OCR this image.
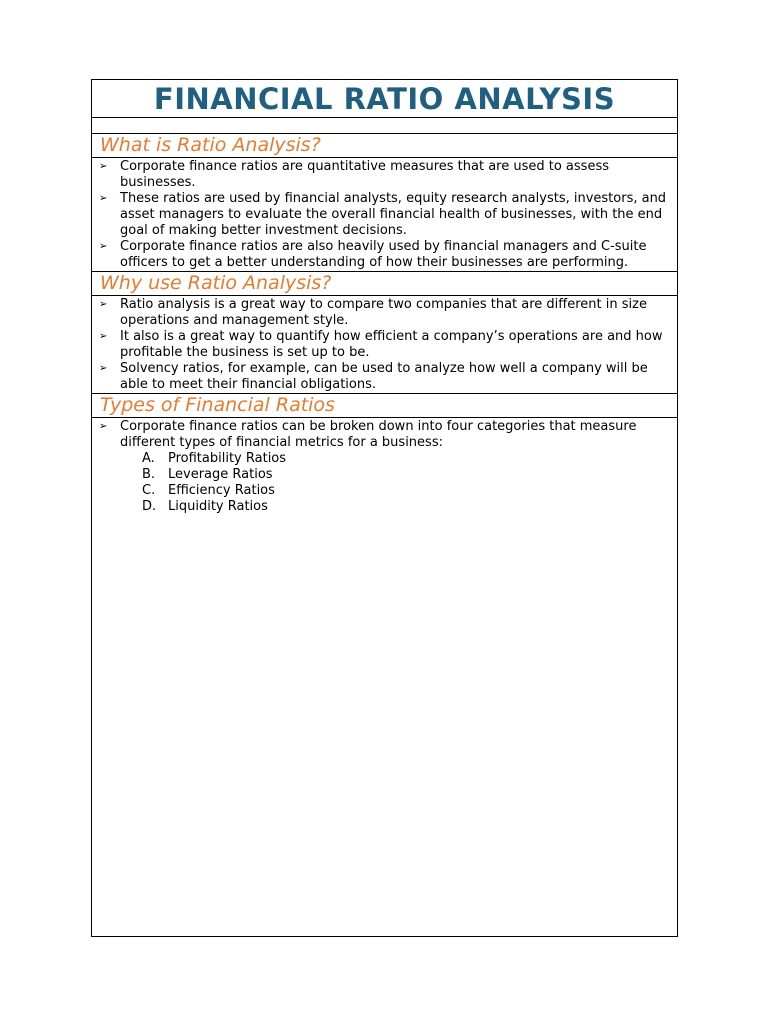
FINANCIAL RATIO ANALYSIS
What is Ratio Analysis?
➢ Corporate finance ratios are quantitative measures that are used to assess businesses.
➢ These ratios are used by financial analysts, equity research analysts, investors, and asset managers to evaluate the overall financial health of businesses, with the end goal of making better investment decisions.
➢ Corporate finance ratios are also heavily used by financial managers and C-suite officers to get a better understanding of how their businesses are performing.
Why use Ratio Analysis?
➢ Ratio analysis is a great way to compare two companies that are different in size operations and management style.
➢ It also is a great way to quantify how efficient a company’s operations are and how profitable the business is set up to be.
➢ Solvency ratios, for example, can be used to analyze how well a company will be able to meet their financial obligations.
Types of Financial Ratios
➢ Corporate finance ratios can be broken down into four categories that measure different types of financial metrics for a business:
A. Profitability Ratios
B. Leverage Ratios
C. Efficiency Ratios
D. Liquidity Ratios
